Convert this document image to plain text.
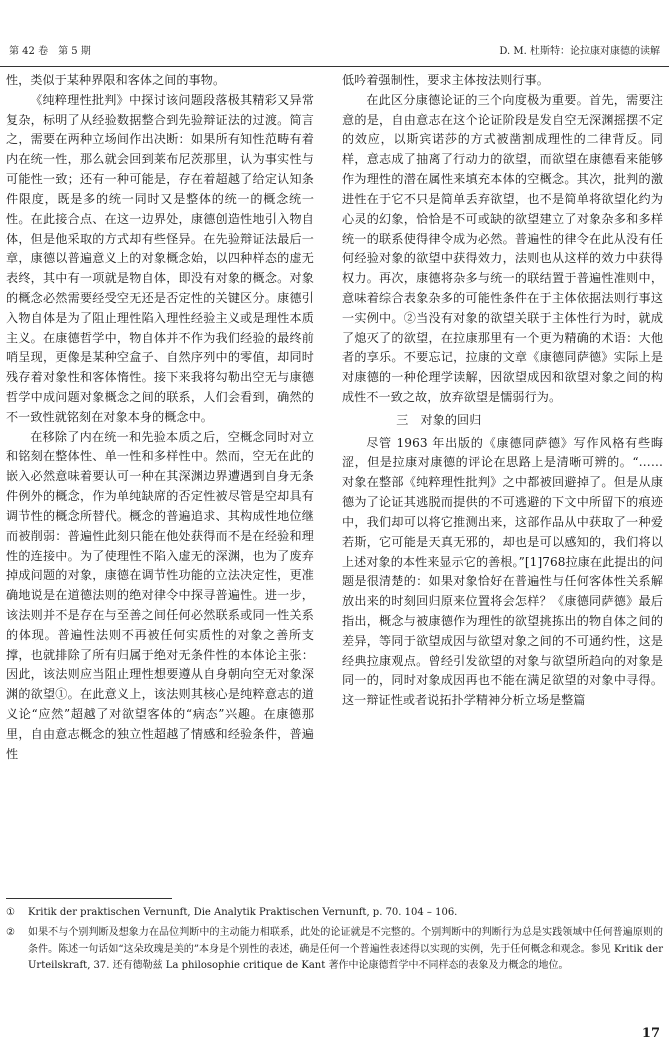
第 42 卷　第 5 期	D. M. 杜斯特：论拉康对康德的读解

性，类似于某种界限和客体之间的事物。

《纯粹理性批判》中探讨该问题段落极其精彩又异常复杂，标明了从经验数据整合到先验辩证法的过渡。简言之，需要在两种立场间作出决断：如果所有知性范畴有着内在统一性，那么就会回到莱布尼茨那里，认为事实性与可能性一致；还有一种可能是，存在着超越了给定认知条件限度，既是多的统一同时又是整体的统一的概念统一性。在此接合点、在这一边界处，康德创造性地引入物自体，但是他采取的方式却有些怪异。在先验辩证法最后一章，康德以普遍意义上的对象概念始，以四种样态的虚无表终，其中有一项就是物自体，即没有对象的概念。对象的概念必然需要经受空无还是否定性的关键区分。康德引入物自体是为了阻止理性陷入理性经验主义或是理性本质主义。在康德哲学中，物自体并不作为我们经验的最终前哨呈现，更像是某种空盒子、自然序列中的零值，却同时残存着对象性和客体惰性。接下来我将勾勒出空无与康德哲学中成问题对象概念之间的联系，人们会看到，确然的不一致性就铭刻在对象本身的概念中。

在移除了内在统一和先验本质之后，空概念同时对立和铭刻在整体性、单一性和多样性中。然而，空无在此的嵌入必然意味着要认可一种在其深渊边界遭遇到自身无条件例外的概念，作为单纯缺席的否定性被尽管是空却具有调节性的概念所替代。概念的普遍追求、其构成性地位继而被削弱：普遍性此刻只能在他处获得而不是在经验和理性的连接中。为了使理性不陷入虚无的深渊，也为了废弃掉成问题的对象，康德在调节性功能的立法决定性，更准确地说是在道德法则的绝对律令中探寻普遍性。进一步，该法则并不是存在与至善之间任何必然联系或同一性关系的体现。普遍性法则不再被任何实质性的对象之善所支撑，也就排除了所有归属于绝对无条件性的本体论主张：因此，该法则应当阻止理性想要遵从自身朝向空无对象深渊的欲望①。在此意义上，该法则其核心是纯粹意志的道义论“应然”超越了对欲望客体的“病态”兴趣。在康德那里，自由意志概念的独立性超越了情感和经验条件，普遍性

低吟着强制性，要求主体按法则行事。

在此区分康德论证的三个向度极为重要。首先，需要注意的是，自由意志在这个论证阶段是发自空无深渊摇摆不定的效应，以斯宾诺莎的方式被凿割成理性的二律背反。同样，意志成了抽离了行动力的欲望，而欲望在康德看来能够作为理性的潜在属性来填充本体的空概念。其次，批判的激进性在于它不只是简单丢弃欲望，也不是简单将欲望化约为心灵的幻象，恰恰是不可或缺的欲望建立了对象杂多和多样统一的联系使得律令成为必然。普遍性的律令在此从没有任何经验对象的欲望中获得效力，法则也从这样的效力中获得权力。再次，康德将杂多与统一的联结置于普遍性准则中，意味着综合表象杂多的可能性条件在于主体依据法则行事这一实例中。②当没有对象的欲望关联于主体性行为时，就成了熄灭了的欲望，在拉康那里有一个更为精确的术语：大他者的享乐。不要忘记，拉康的文章《康德同萨德》实际上是对康德的一种伦理学读解，因欲望成因和欲望对象之间的构成性不一致之故，放弃欲望是懦弱行为。

三　对象的回归

尽管 1963 年出版的《康德同萨德》写作风格有些晦涩，但是拉康对康德的评论在思路上是清晰可辨的。“……对象在整部《纯粹理性批判》之中都被回避掉了。但是从康德为了论证其逃脱而提供的不可逃避的下文中所留下的痕迹中，我们却可以将它推测出来，这部作品从中获取了一种爱若斯，它可能是天真无邪的，却也是可以感知的，我们将以上述对象的本性来显示它的善根。”[1]768拉康在此提出的问题是很清楚的：如果对象恰好在普遍性与任何客体性关系解放出来的时刻回归原来位置将会怎样？《康德同萨德》最后指出，概念与被康德作为理性的欲望挑拣出的物自体之间的差异，等同于欲望成因与欲望对象之间的不可通约性，这是经典拉康观点。曾经引发欲望的对象与欲望所趋向的对象是同一的，同时对象成因再也不能在满足欲望的对象中寻得。这一辩证性或者说拓扑学精神分析立场是整篇

① Kritik der praktischen Vernunft, Die Analytik Praktischen Vernunft, p. 70. 104 – 106.
② 如果不与个别判断及想象力在品位判断中的主动能力相联系，此处的论证就是不完整的。个别判断中的判断行为总是实践领域中任何普遍原则的条件。陈述一句话如“这朵玫瑰是美的”本身是个别性的表述，确是任何一个普遍性表述得以实现的实例，先于任何概念和观念。参见 Kritik der Urteilskraft, 37. 还有德勒兹 La philosophie critique de Kant 著作中论康德哲学中不同样态的表象及力概念的地位。
17
